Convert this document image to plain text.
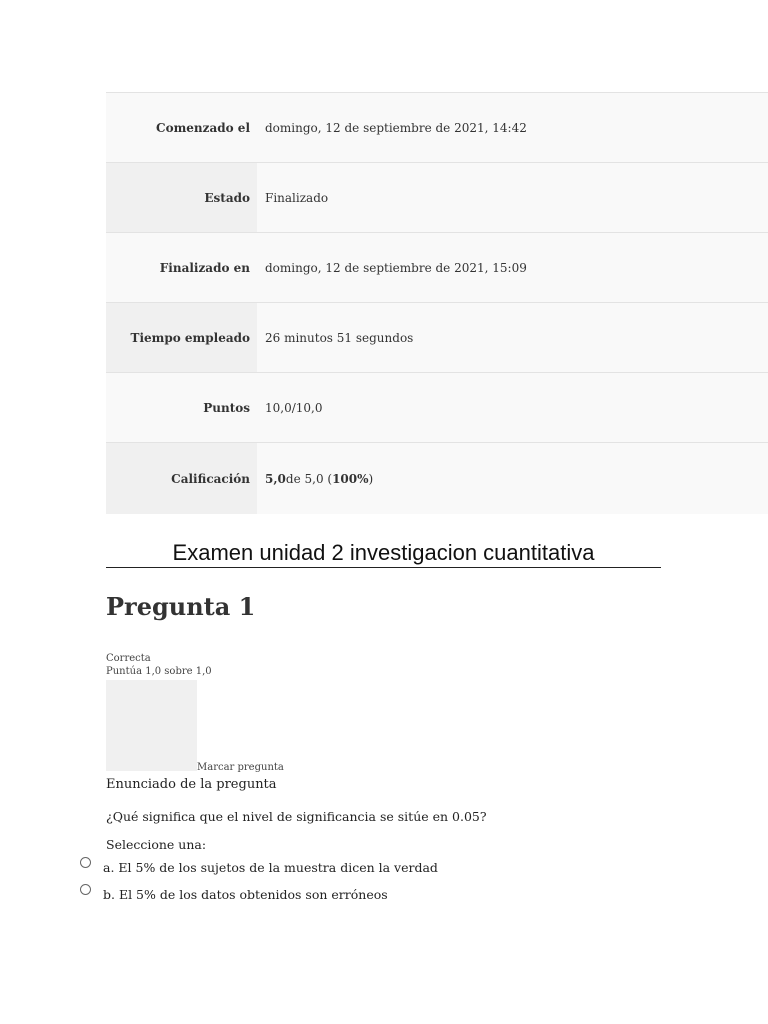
Comenzado el	domingo, 12 de septiembre de 2021, 14:42
Estado	Finalizado
Finalizado en	domingo, 12 de septiembre de 2021, 15:09
Tiempo empleado	26 minutos 51 segundos
Puntos	10,0/10,0
Calificación	5,0 de 5,0 ( 100% )
Examen unidad 2 investigacion cuantitativa
Pregunta 1
Correcta
Puntúa 1,0 sobre 1,0
Marcar pregunta
Enunciado de la pregunta
¿Qué significa que el nivel de significancia se sitúe en 0.05?
Seleccione una:
a. El 5% de los sujetos de la muestra dicen la verdad
b. El 5% de los datos obtenidos son erróneos
